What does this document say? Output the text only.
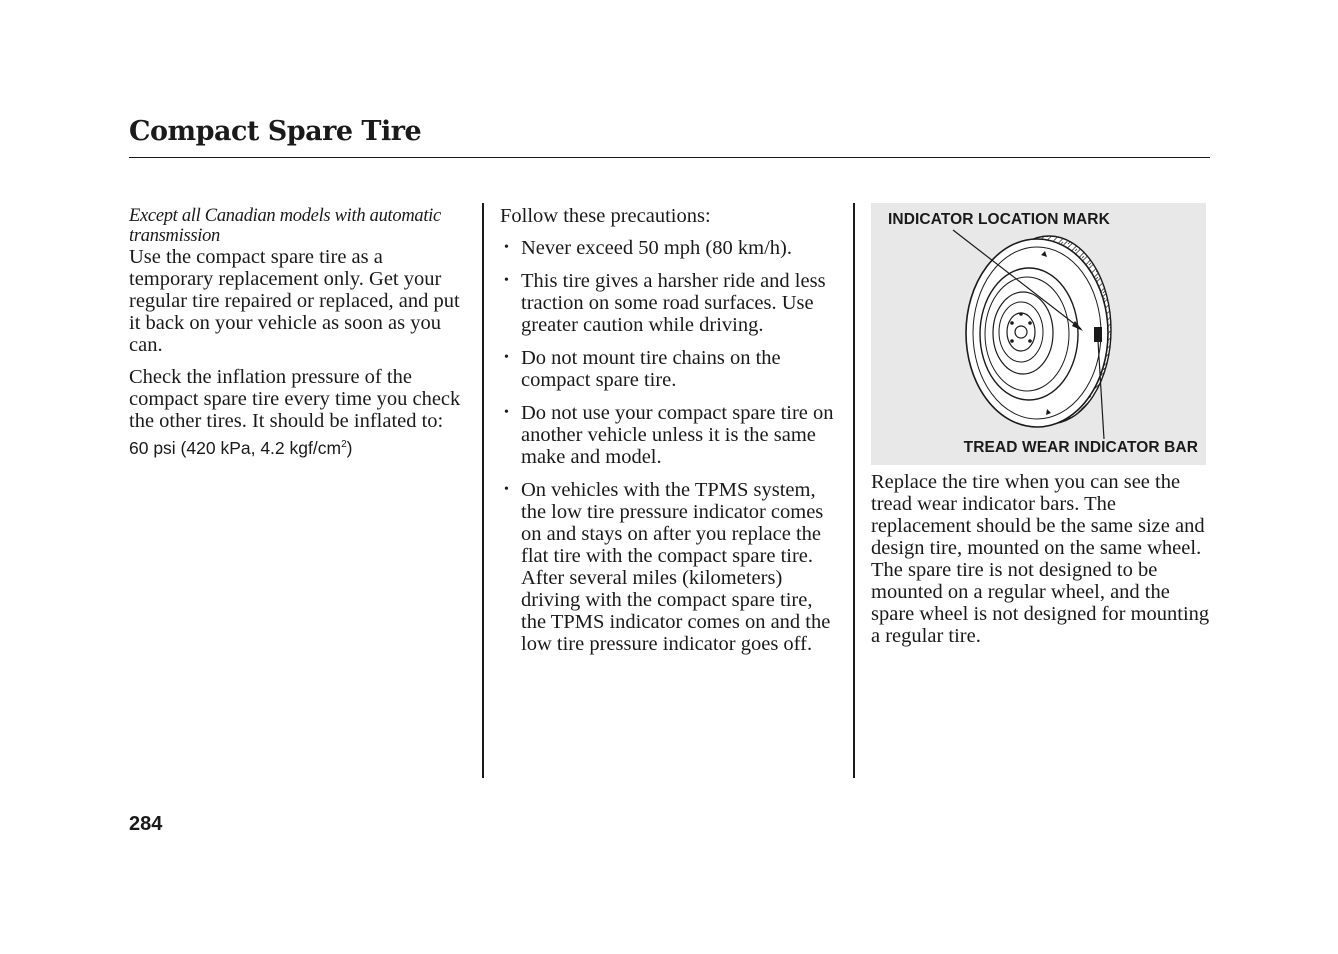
Compact Spare Tire

Except all Canadian models with automatic transmission

Use the compact spare tire as a temporary replacement only. Get your regular tire repaired or replaced, and put it back on your vehicle as soon as you can.

Check the inflation pressure of the compact spare tire every time you check the other tires. It should be inflated to:

60 psi (420 kPa, 4.2 kgf/$cm^2$)

Follow these precautions:

• Never exceed 50 mph (80 km/h).
• This tire gives a harsher ride and less traction on some road surfaces. Use greater caution while driving.
• Do not mount tire chains on the compact spare tire.
• Do not use your compact spare tire on another vehicle unless it is the same make and model.
• On vehicles with the TPMS system, the low tire pressure indicator comes on and stays on after you replace the flat tire with the compact spare tire. After several miles (kilometers) driving with the compact spare tire, the TPMS indicator comes on and the low tire pressure indicator goes off.
INDICATOR LOCATION MARK
TREAD WEAR INDICATOR BAR

Replace the tire when you can see the tread wear indicator bars. The replacement should be the same size and design tire, mounted on the same wheel. The spare tire is not designed to be mounted on a regular wheel, and the spare wheel is not designed for mounting a regular tire.

284
